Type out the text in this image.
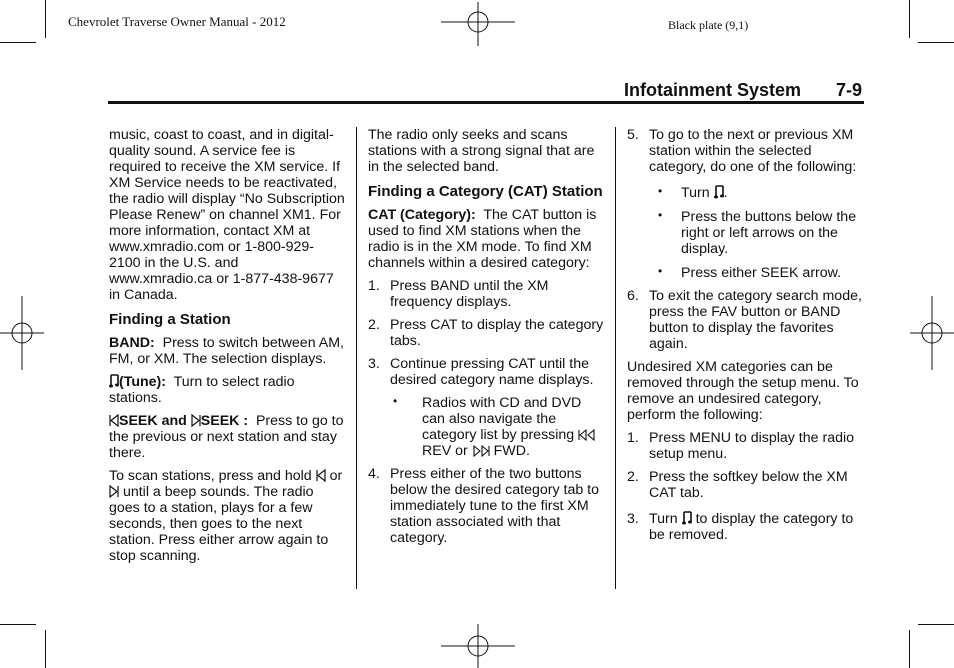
Chevrolet Traverse Owner Manual - 2012	Black plate (9,1)
Infotainment System 7-9

music, coast to coast, and in digital-quality sound. A service fee is required to receive the XM service. If XM Service needs to be reactivated, the radio will display “No Subscription Please Renew” on channel XM1. For more information, contact XM at www.xmradio.com or 1-800-929-2100 in the U.S. and www.xmradio.ca or 1-877-438-9677 in Canada.

Finding a Station

BAND: Press to switch between AM, FM, or XM. The selection displays.

(Tune): Turn to select radio stations.

SEEK and SEEK : Press to go to the previous or next station and stay there.

To scan stations, press and hold or  until a beep sounds. The radio goes to a station, plays for a few seconds, then goes to the next station. Press either arrow again to stop scanning.

The radio only seeks and scans stations with a strong signal that are in the selected band.

Finding a Category (CAT) Station

CAT (Category): The CAT button is used to find XM stations when the radio is in the XM mode. To find XM channels within a desired category:

1. Press BAND until the XM frequency displays.
2. Press CAT to display the category tabs.
3. Continue pressing CAT until the desired category name displays.
• Radios with CD and DVD can also navigate the category list by pressing  REV or FWD.
4. Press either of the two buttons below the desired category tab to immediately tune to the first XM station associated with that category.
5. To go to the next or previous XM station within the selected category, do one of the following:
• Turn .
• Press the buttons below the right or left arrows on the display.
• Press either SEEK arrow.
6. To exit the category search mode, press the FAV button or BAND button to display the favorites again.

Undesired XM categories can be removed through the setup menu. To remove an undesired category, perform the following:

1. Press MENU to display the radio setup menu.
2. Press the softkey below the XM CAT tab.
3. Turn to display the category to be removed.
